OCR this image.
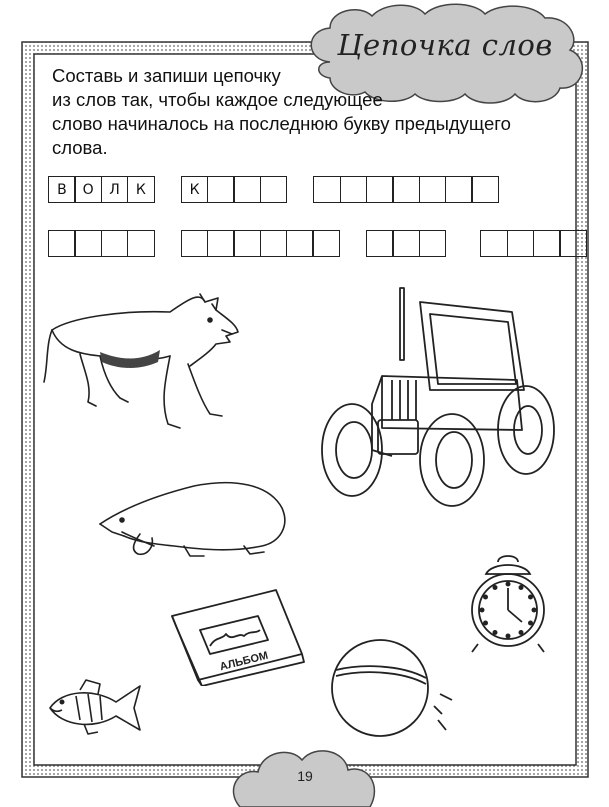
Цепочка слов
Составь и запиши цепочку
из слов так, чтобы каждое следующее
слово начиналось на последнюю букву предыдущего
слова.
В	О	Л	К	К
АЛЬБОМ
19
